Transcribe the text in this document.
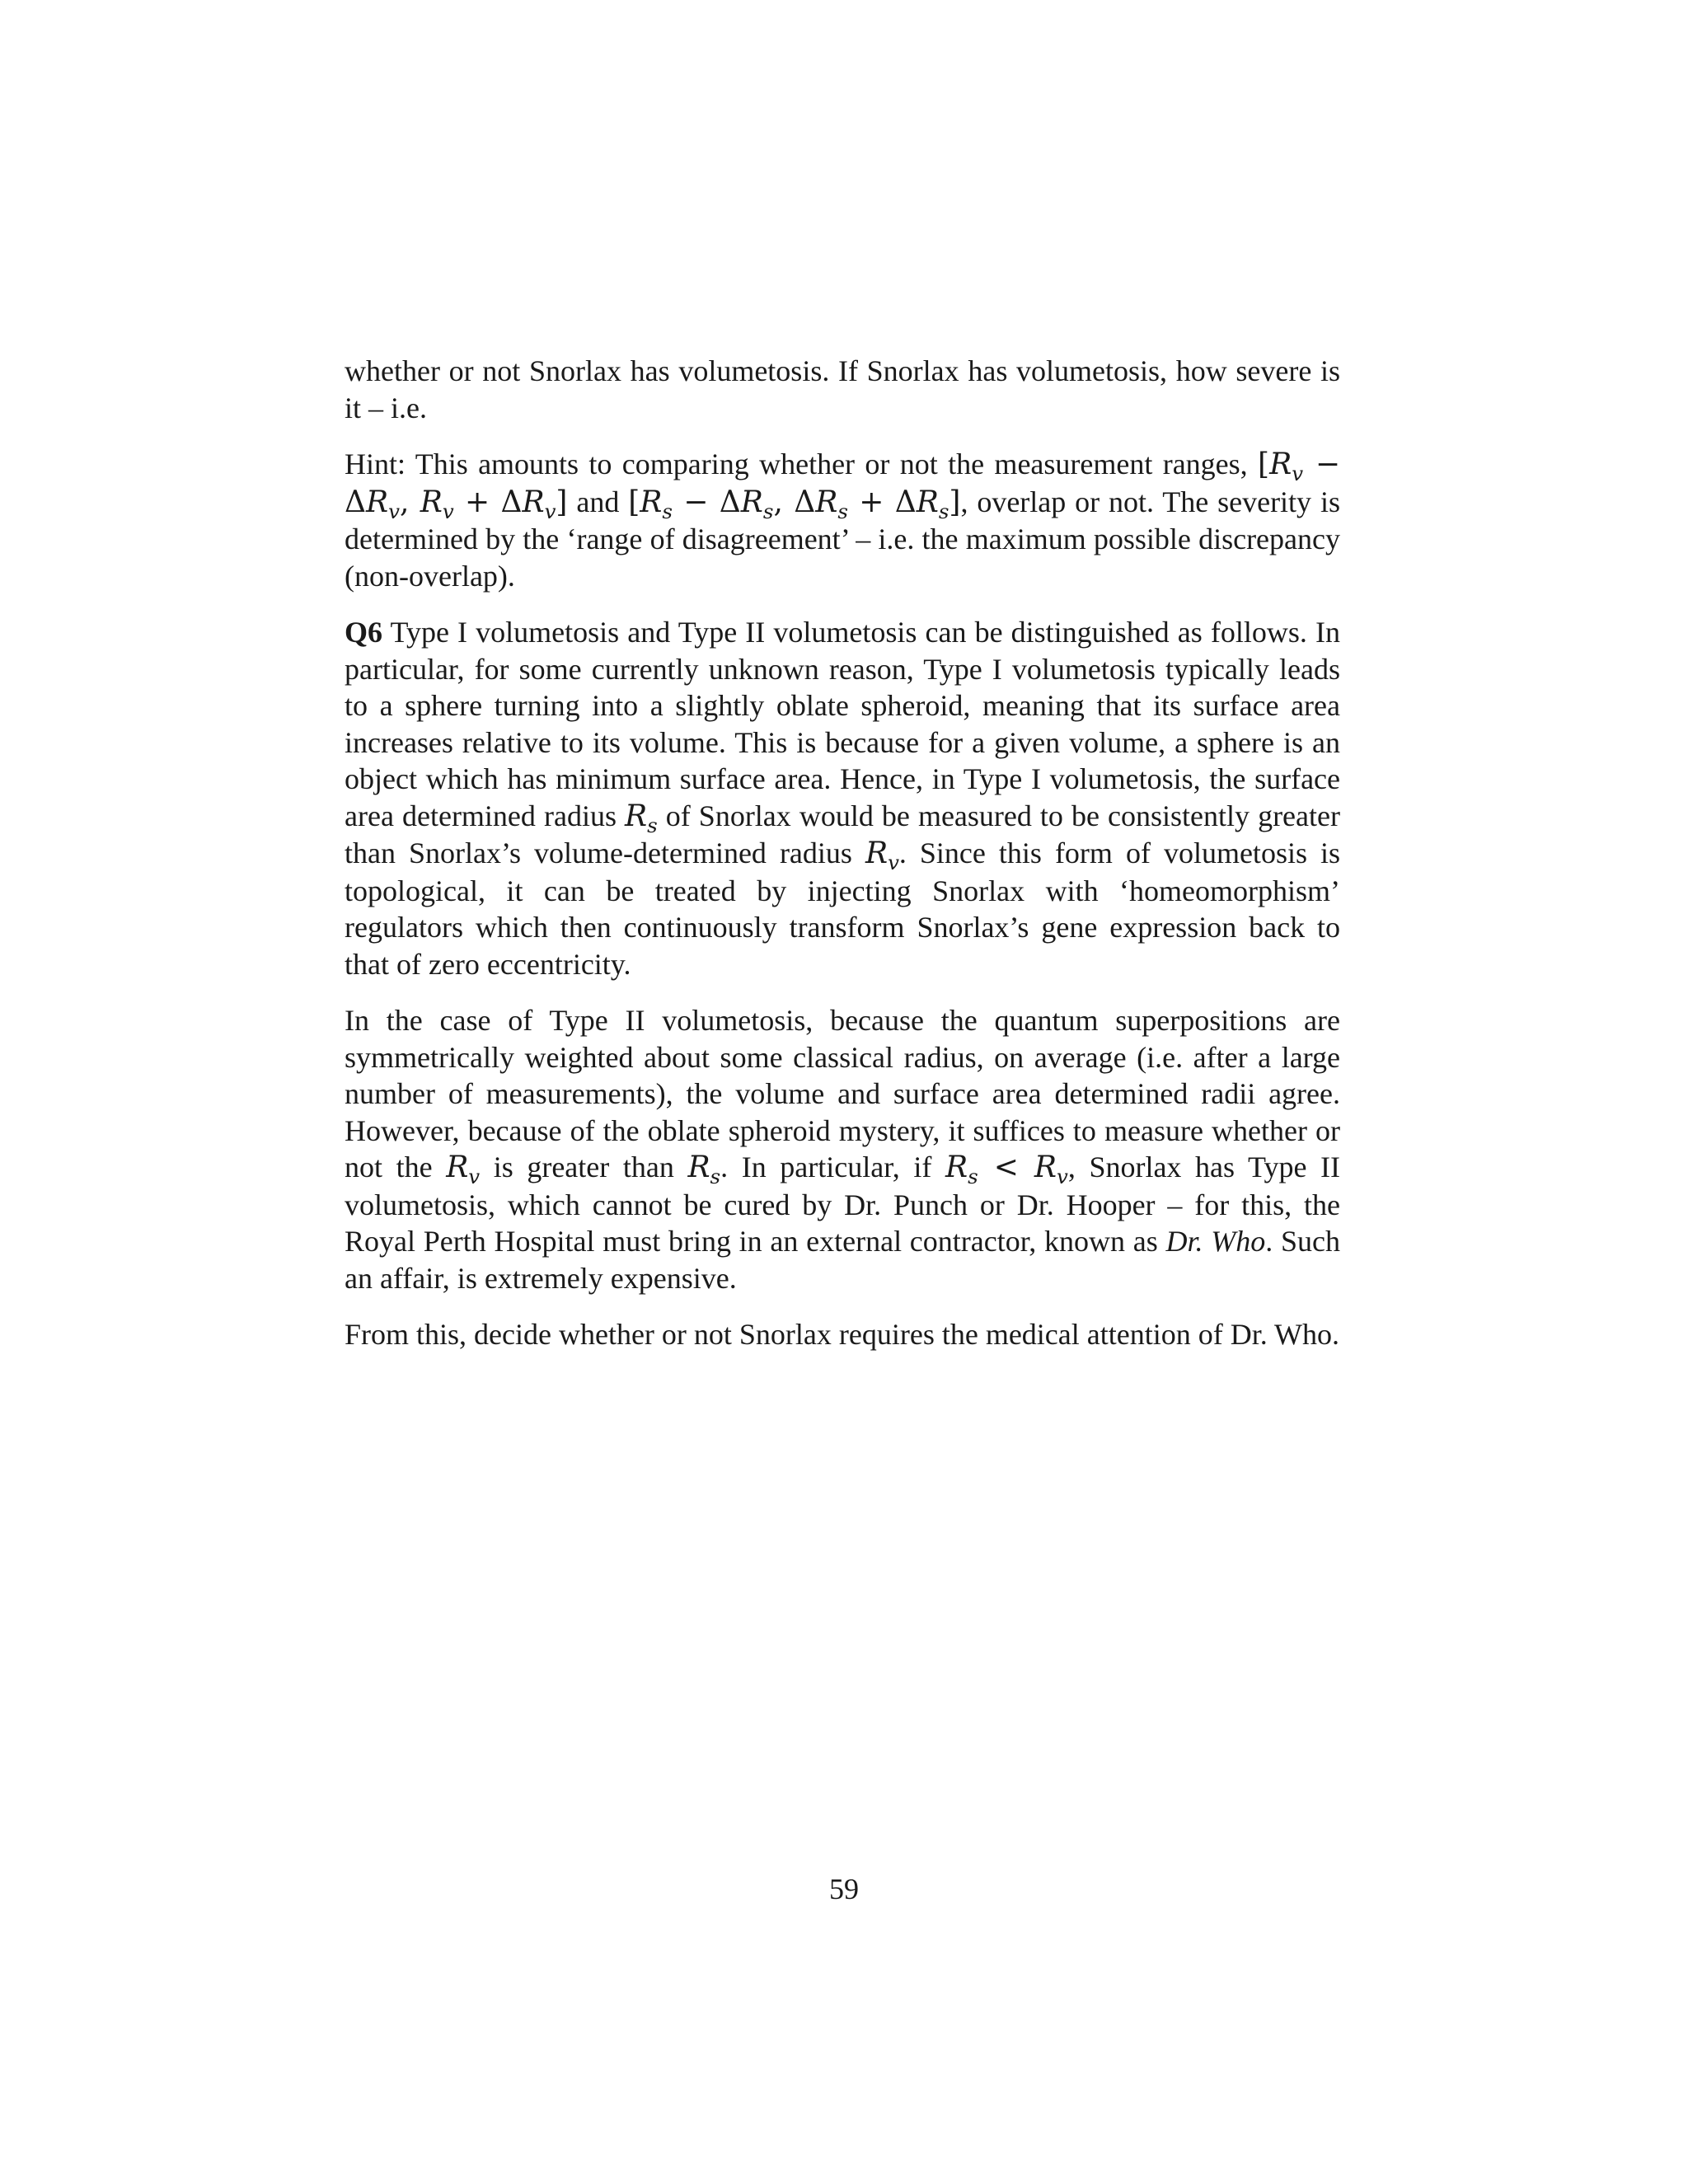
whether or not Snorlax has volumetosis. If Snorlax has volumetosis, how severe is it – i.e.

Hint: This amounts to comparing whether or not the measurement ranges, [$R_v - \Delta R_v$, $R_v + \Delta R_v$] and [$R_s - \Delta R_s$, $\Delta R_s + \Delta R_s$], overlap or not. The severity is determined by the ‘range of disagreement’ – i.e. the maximum possible discrepancy (non-overlap).

Q6 Type I volumetosis and Type II volumetosis can be distinguished as follows. In particular, for some currently unknown reason, Type I volumetosis typically leads to a sphere turning into a slightly oblate spheroid, meaning that its surface area increases relative to its volume. This is because for a given volume, a sphere is an object which has minimum surface area. Hence, in Type I volumetosis, the surface area determined radius $R_s$ of Snorlax would be measured to be consistently greater than Snorlax’s volume-determined radius $R_v$. Since this form of volumetosis is topological, it can be treated by injecting Snorlax with ‘homeomorphism’ regulators which then continuously transform Snorlax’s gene expression back to that of zero eccentricity.

In the case of Type II volumetosis, because the quantum superpositions are symmetrically weighted about some classical radius, on average (i.e. after a large number of measurements), the volume and surface area determined radii agree. However, because of the oblate spheroid mystery, it suffices to measure whether or not the $R_v$ is greater than $R_s$. In particular, if $R_s < R_v$, Snorlax has Type II volumetosis, which cannot be cured by Dr. Punch or Dr. Hooper – for this, the Royal Perth Hospital must bring in an external contractor, known as Dr. Who. Such an affair, is extremely expensive.

From this, decide whether or not Snorlax requires the medical attention of Dr. Who.

59
